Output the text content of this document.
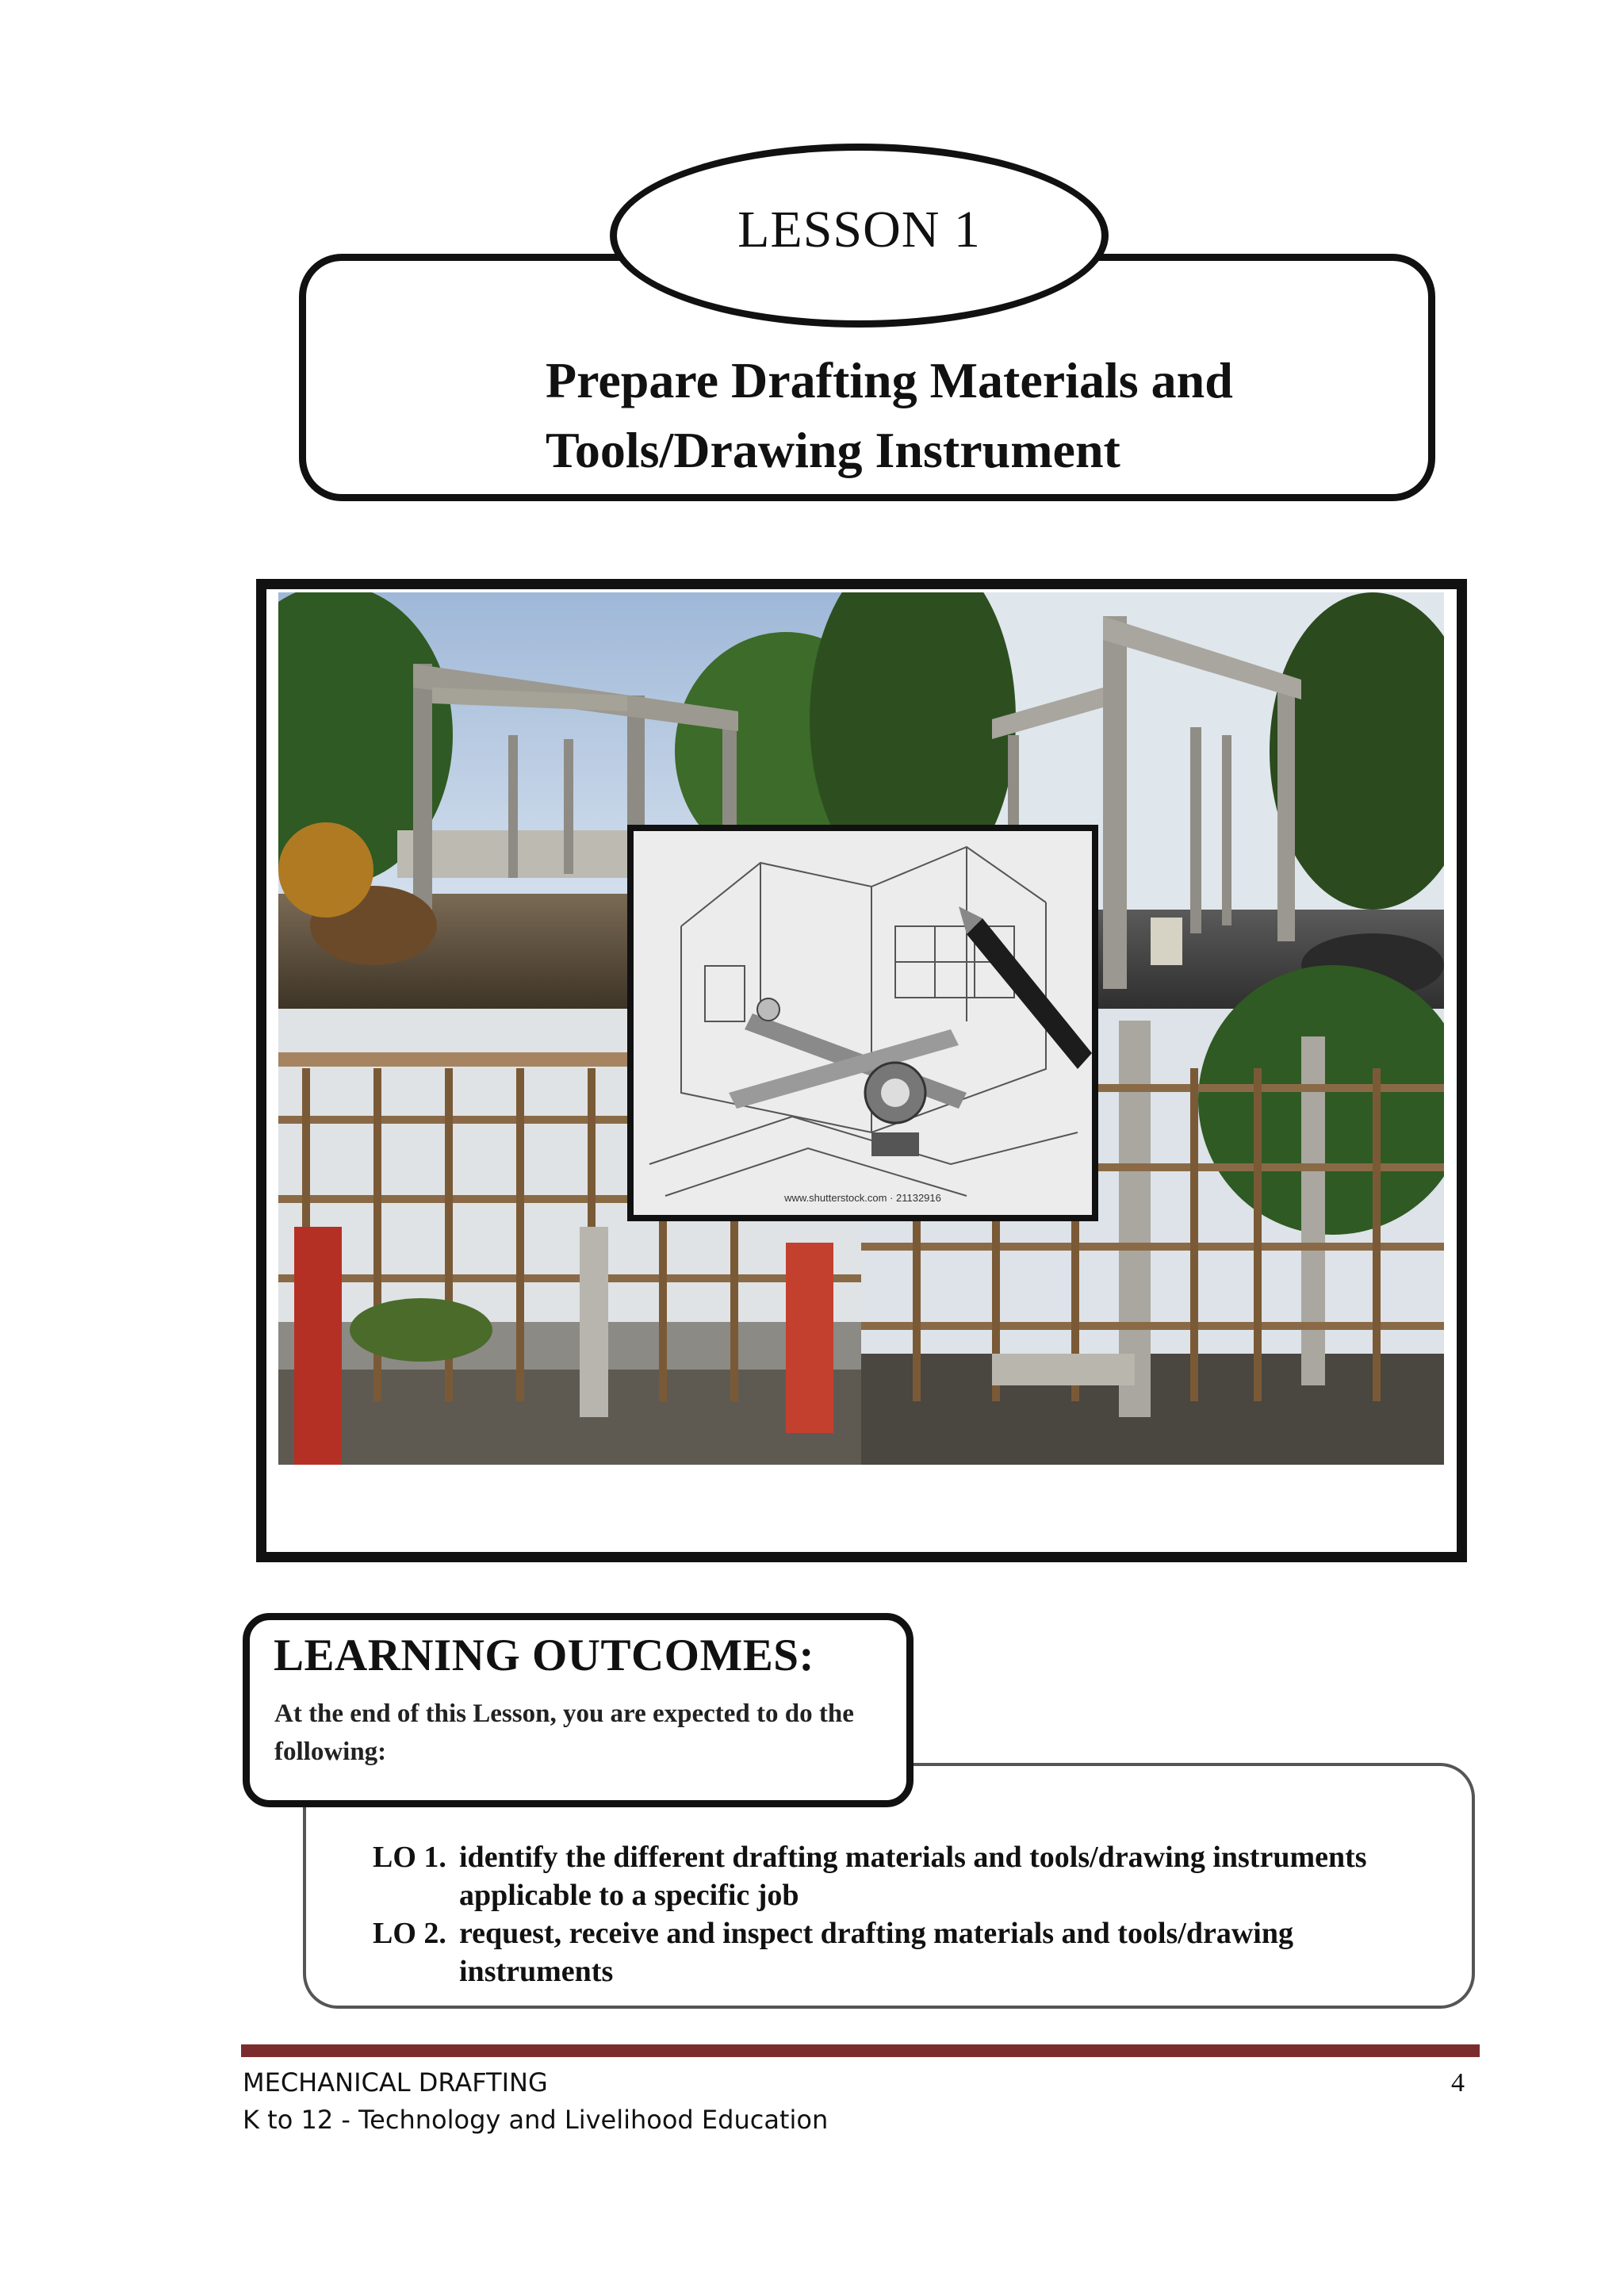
LESSON 1
Prepare Drafting Materials and
Tools/Drawing Instrument
www.shutterstock.com · 21132916
LEARNING OUTCOMES:
At the end of this Lesson, you are expected to do the following:
LO 1. identify the different drafting materials and tools/drawing instruments applicable to a specific job
LO 2. request, receive and inspect drafting materials and tools/drawing instruments
MECHANICAL DRAFTING
K to 12 - Technology and Livelihood Education
4
